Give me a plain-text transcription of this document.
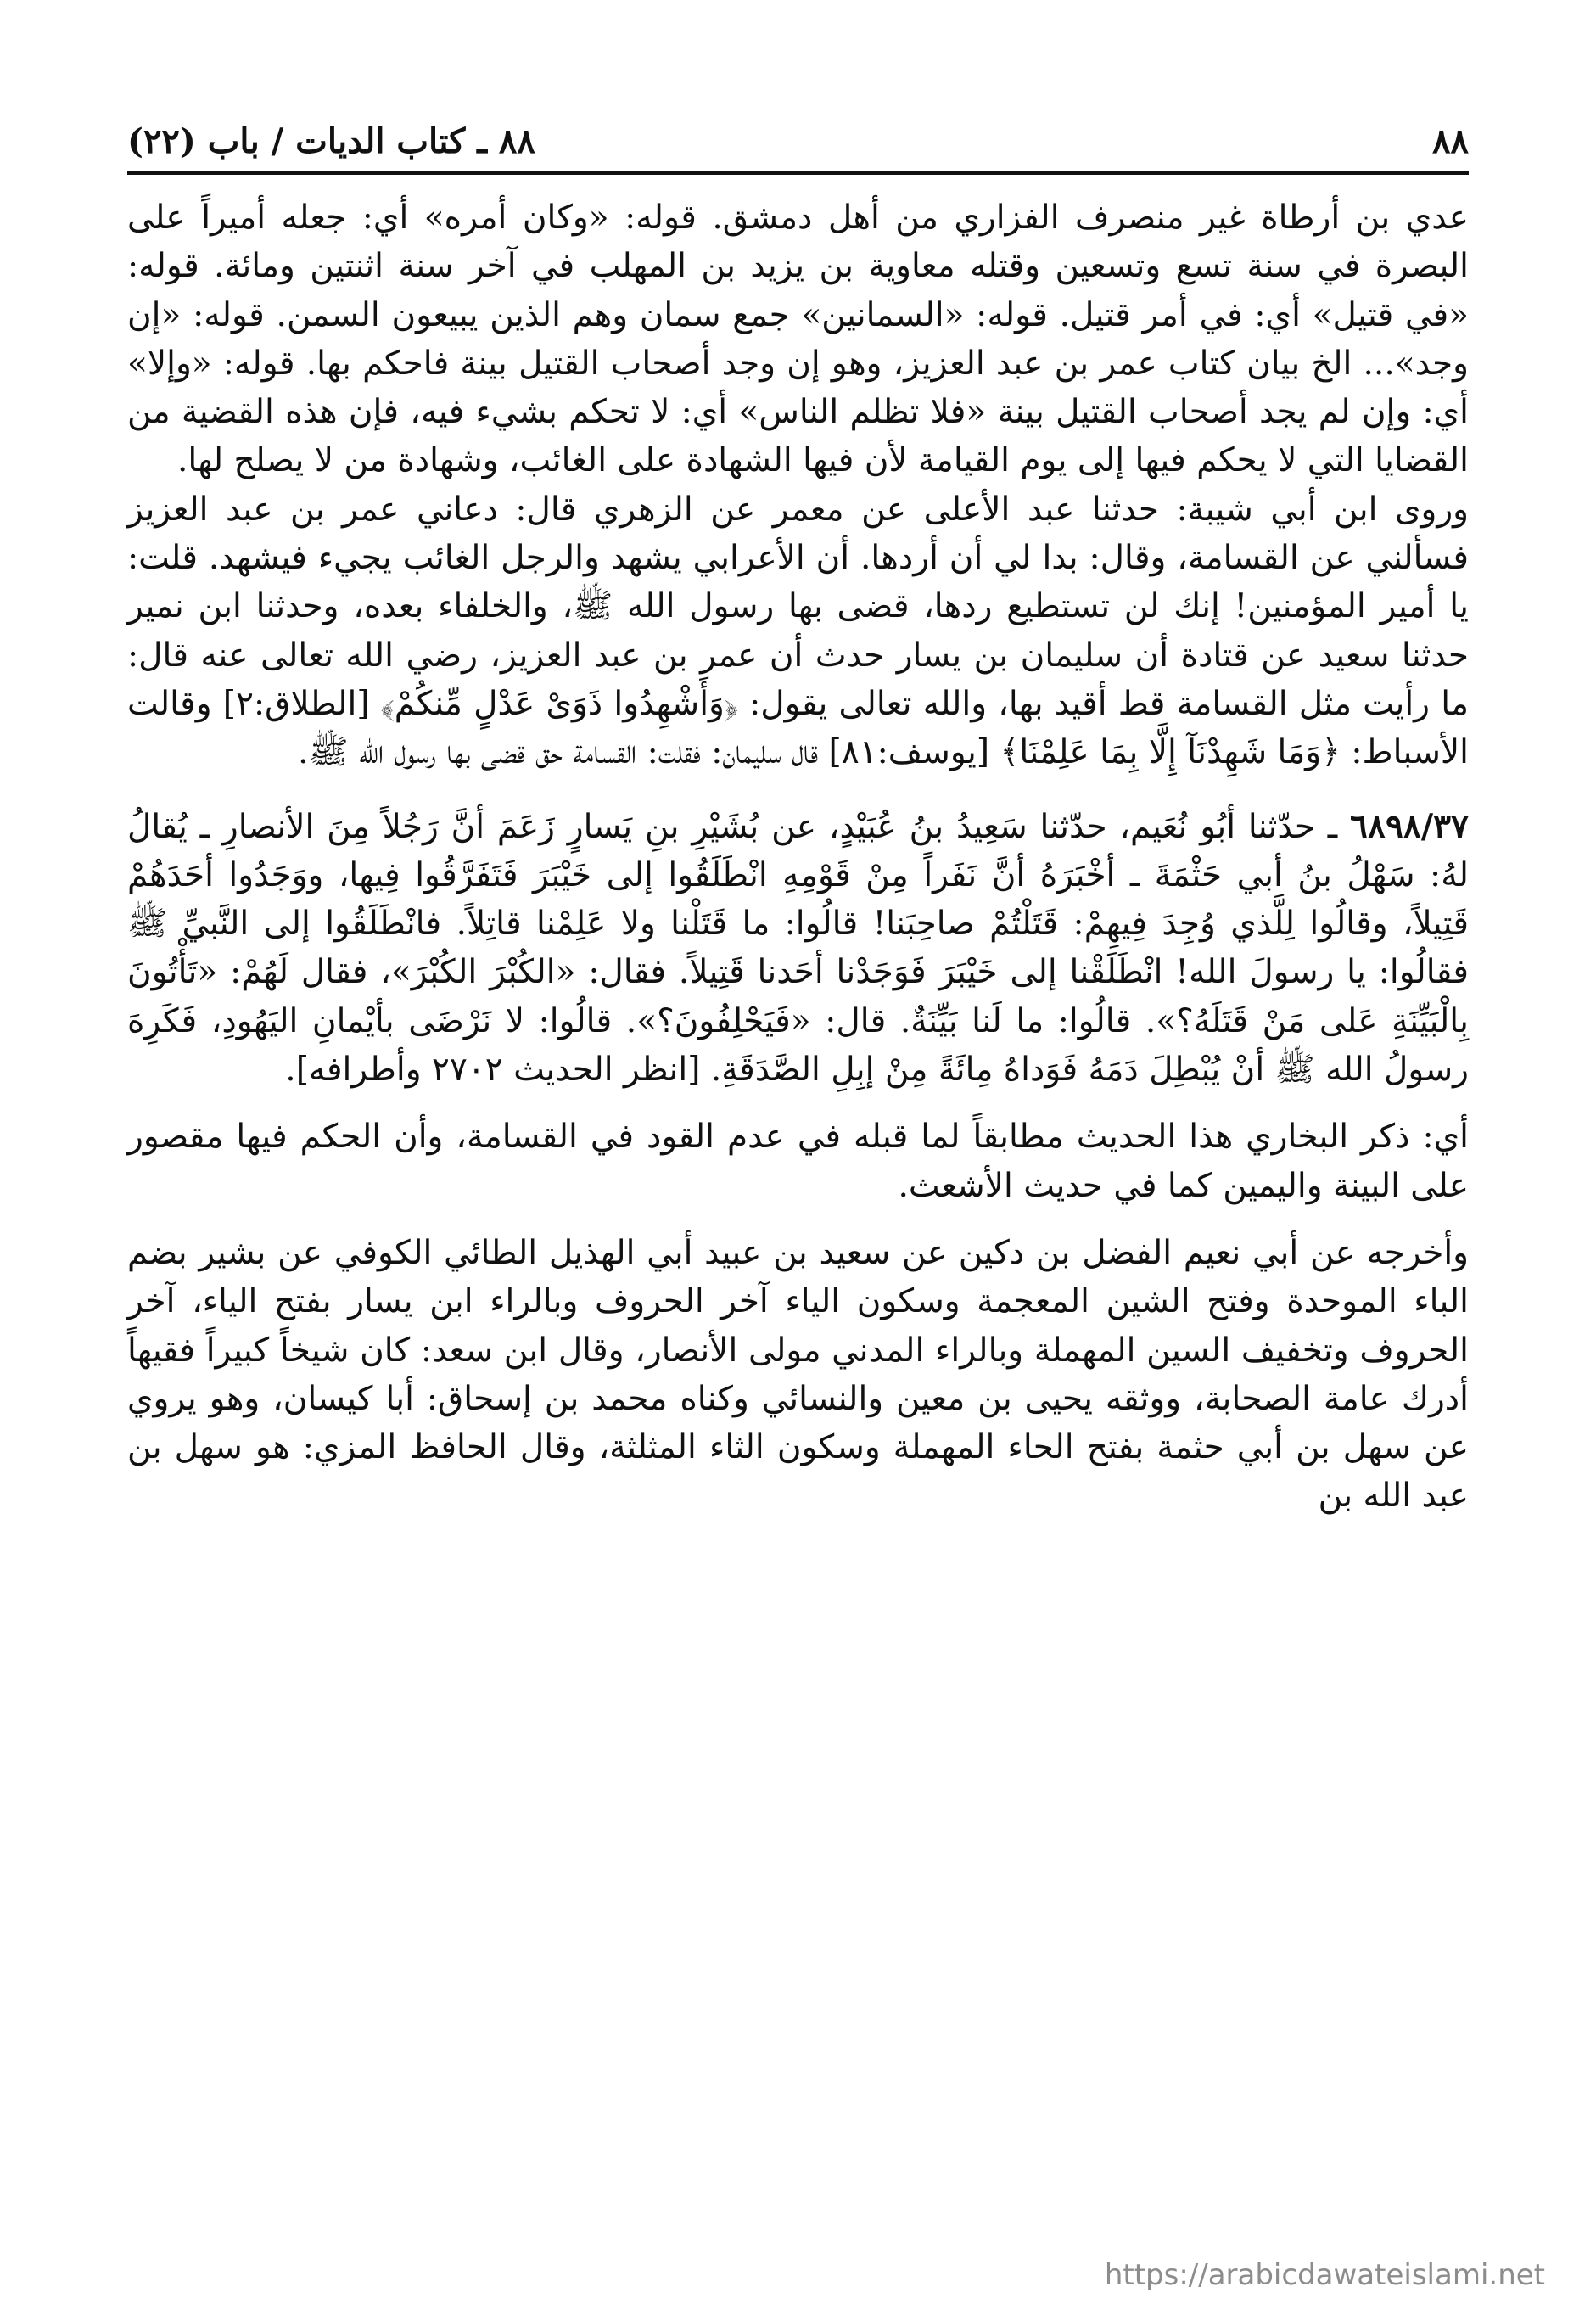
٨٨
٨٨ ـ كتاب الديات / باب (٢٢)

عدي بن أرطاة غير منصرف الفزاري من أهل دمشق. قوله: «وكان أمره» أي: جعله أميراً على البصرة في سنة تسع وتسعين وقتله معاوية بن يزيد بن المهلب في آخر سنة اثنتين ومائة. قوله: «في قتيل» أي: في أمر قتيل. قوله: «السمانين» جمع سمان وهم الذين يبيعون السمن. قوله: «إن وجد»... الخ بيان كتاب عمر بن عبد العزيز، وهو إن وجد أصحاب القتيل بينة فاحكم بها. قوله: «وإلا» أي: وإن لم يجد أصحاب القتيل بينة «فلا تظلم الناس» أي: لا تحكم بشيء فيه، فإن هذه القضية من القضايا التي لا يحكم فيها إلى يوم القيامة لأن فيها الشهادة على الغائب، وشهادة من لا يصلح لها.

وروى ابن أبي شيبة: حدثنا عبد الأعلى عن معمر عن الزهري قال: دعاني عمر بن عبد العزيز فسألني عن القسامة، وقال: بدا لي أن أردها. أن الأعرابي يشهد والرجل الغائب يجيء فيشهد. قلت: يا أمير المؤمنين! إنك لن تستطيع ردها، قضى بها رسول الله ﷺ، والخلفاء بعده، وحدثنا ابن نمير حدثنا سعيد عن قتادة أن سليمان بن يسار حدث أن عمر بن عبد العزيز، رضي الله تعالى عنه قال: ما رأيت مثل القسامة قط أقيد بها، والله تعالى يقول: ﴿وَأَشْهِدُوا ذَوَىْ عَدْلٍ مِّنكُمْ﴾ [الطلاق:٢] وقالت الأسباط: ﴿وَمَا شَهِدْنَآ إِلَّا بِمَا عَلِمْنَا﴾ [يوسف:٨١] قال سليمان: فقلت: القسامة حق قضى بها رسول الله ﷺ.

٦٨٩٨/٣٧ ـ حدّثنا أبُو نُعَيم، حدّثنا سَعِيدُ بنُ عُبَيْدٍ، عن بُشَيْرِ بنِ يَسارٍ زَعَمَ أنَّ رَجُلاً مِنَ الأنصارِ ـ يُقالُ لهُ: سَهْلُ بنُ أبي حَثْمَةَ ـ أخْبَرَهُ أنَّ نَفَراً مِنْ قَوْمِهِ انْطَلَقُوا إلى خَيْبَرَ فَتَفَرَّقُوا فِيها، ووَجَدُوا أحَدَهُمْ قَتِيلاً، وقالُوا لِلَّذي وُجِدَ فِيهِمْ: قَتَلْتُمْ صاحِبَنا! قالُوا: ما قَتَلْنا ولا عَلِمْنا قاتِلاً. فانْطَلَقُوا إلى النَّبيِّ ﷺ فقالُوا: يا رسولَ الله! انْطَلَقْنا إلى خَيْبَرَ فَوَجَدْنا أحَدنا قَتِيلاً. فقال: «الكُبْرَ الكُبْرَ»، فقال لَهُمْ: «تَأْتُونَ بِالْبَيِّنَةِ عَلى مَنْ قَتَلَهُ؟». قالُوا: ما لَنا بَيِّنَةٌ. قال: «فَيَحْلِفُونَ؟». قالُوا: لا نَرْضَى بأيْمانِ اليَهُودِ، فَكَرِهَ رسولُ الله ﷺ أنْ يُبْطِلَ دَمَهُ فَوَداهُ مِائَةً مِنْ إبِلِ الصَّدَقَةِ. [انظر الحديث ٢٧٠٢ وأطرافه].

أي: ذكر البخاري هذا الحديث مطابقاً لما قبله في عدم القود في القسامة، وأن الحكم فيها مقصور على البينة واليمين كما في حديث الأشعث.

وأخرجه عن أبي نعيم الفضل بن دكين عن سعيد بن عبيد أبي الهذيل الطائي الكوفي عن بشير بضم الباء الموحدة وفتح الشين المعجمة وسكون الياء آخر الحروف وبالراء ابن يسار بفتح الياء، آخر الحروف وتخفيف السين المهملة وبالراء المدني مولى الأنصار، وقال ابن سعد: كان شيخاً كبيراً فقيهاً أدرك عامة الصحابة، ووثقه يحيى بن معين والنسائي وكناه محمد بن إسحاق: أبا كيسان، وهو يروي عن سهل بن أبي حثمة بفتح الحاء المهملة وسكون الثاء المثلثة، وقال الحافظ المزي: هو سهل بن عبد الله بن

https://arabicdawateislami.net
